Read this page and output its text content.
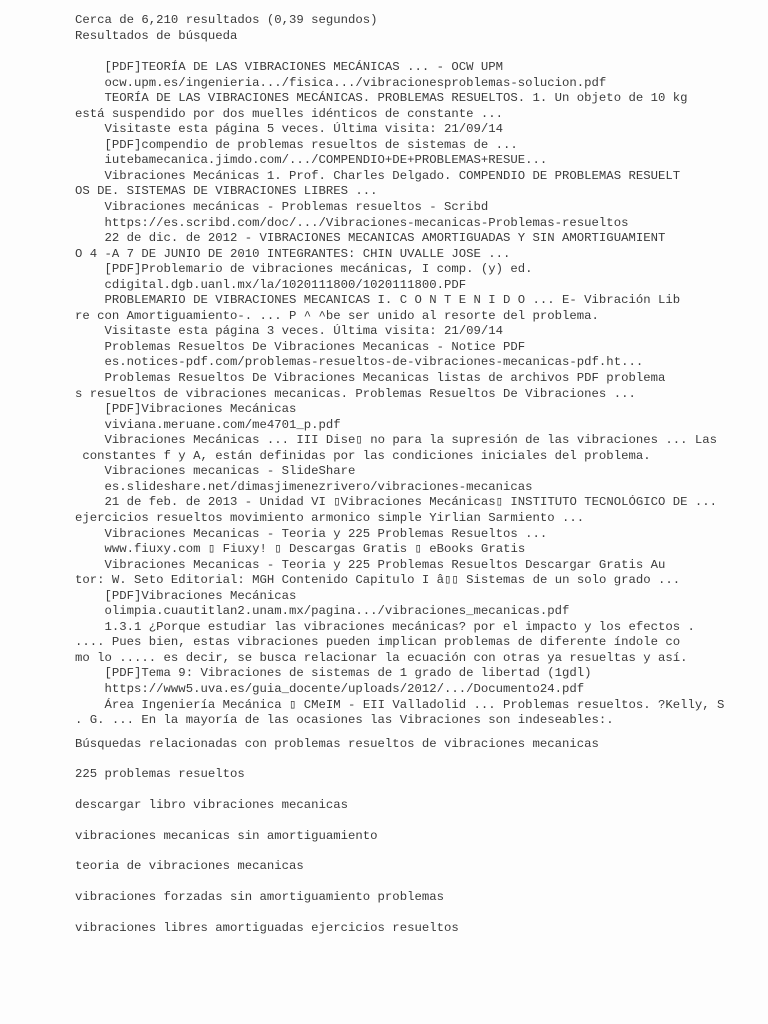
Cerca de 6,210 resultados (0,39 segundos)
Resultados de búsqueda
[PDF]TEORÍA DE LAS VIBRACIONES MECÁNICAS ... - OCW UPM
ocw.upm.es/ingenieria.../fisica.../vibracionesproblemas-solucion.pdf
TEORÍA DE LAS VIBRACIONES MECÁNICAS. PROBLEMAS RESUELTOS. 1. Un objeto de 10 kg
está suspendido por dos muelles idénticos de constante ...
Visitaste esta página 5 veces. Última visita: 21/09/14
[PDF]compendio de problemas resueltos de sistemas de ...
iutebamecanica.jimdo.com/.../COMPENDIO+DE+PROBLEMAS+RESUE...
Vibraciones Mecánicas 1. Prof. Charles Delgado. COMPENDIO DE PROBLEMAS RESUELT
OS DE. SISTEMAS DE VIBRACIONES LIBRES ...
Vibraciones mecánicas - Problemas resueltos - Scribd
https://es.scribd.com/doc/.../Vibraciones-mecanicas-Problemas-resueltos
22 de dic. de 2012 - VIBRACIONES MECANICAS AMORTIGUADAS Y SIN AMORTIGUAMIENT
O 4 -A 7 DE JUNIO DE 2010 INTEGRANTES: CHIN UVALLE JOSE ...
[PDF]Problemario de vibraciones mecánicas, I comp. (y) ed.
cdigital.dgb.uanl.mx/la/1020111800/1020111800.PDF
PROBLEMARIO DE VIBRACIONES MECANICAS I. C O N T E N I D O ... E- Vibración Lib
re con Amortiguamiento-. ... P ^ ^be ser unido al resorte del problema.
Visitaste esta página 3 veces. Última visita: 21/09/14
Problemas Resueltos De Vibraciones Mecanicas - Notice PDF
es.notices-pdf.com/problemas-resueltos-de-vibraciones-mecanicas-pdf.ht...
Problemas Resueltos De Vibraciones Mecanicas listas de archivos PDF problema
s resueltos de vibraciones mecanicas. Problemas Resueltos De Vibraciones ...
[PDF]Vibraciones Mecánicas
viviana.meruane.com/me4701_p.pdf
Vibraciones Mecánicas ... III Dise▯ no para la supresión de las vibraciones ... Las
constantes f y A, están definidas por las condiciones iniciales del problema.
Vibraciones mecanicas - SlideShare
es.slideshare.net/dimasjimenezrivero/vibraciones-mecanicas
21 de feb. de 2013 - Unidad VI ▯Vibraciones Mecánicas▯ INSTITUTO TECNOLÓGICO DE ...
ejercicios resueltos movimiento armonico simple Yirlian Sarmiento ...
Vibraciones Mecanicas - Teoria y 225 Problemas Resueltos ...
www.fiuxy.com ▯ Fiuxy! ▯ Descargas Gratis ▯ eBooks Gratis
Vibraciones Mecanicas - Teoria y 225 Problemas Resueltos Descargar Gratis Au
tor: W. Seto Editorial: MGH Contenido Capitulo I â▯▯ Sistemas de un solo grado ...
[PDF]Vibraciones Mecánicas
olimpia.cuautitlan2.unam.mx/pagina.../vibraciones_mecanicas.pdf
1.3.1 ¿Porque estudiar las vibraciones mecánicas? por el impacto y los efectos .
.... Pues bien, estas vibraciones pueden implican problemas de diferente índole co
mo lo ..... es decir, se busca relacionar la ecuación con otras ya resueltas y así.
[PDF]Tema 9: Vibraciones de sistemas de 1 grado de libertad (1gdl)
https://www5.uva.es/guia_docente/uploads/2012/.../Documento24.pdf
Área Ingeniería Mecánica ▯ CMeIM - EII Valladolid ... Problemas resueltos. ?Kelly, S
. G. ... En la mayoría de las ocasiones las Vibraciones son indeseables:.
Búsquedas relacionadas con problemas resueltos de vibraciones mecanicas
225 problemas resueltos
descargar libro vibraciones mecanicas
vibraciones mecanicas sin amortiguamiento
teoria de vibraciones mecanicas
vibraciones forzadas sin amortiguamiento problemas
vibraciones libres amortiguadas ejercicios resueltos
